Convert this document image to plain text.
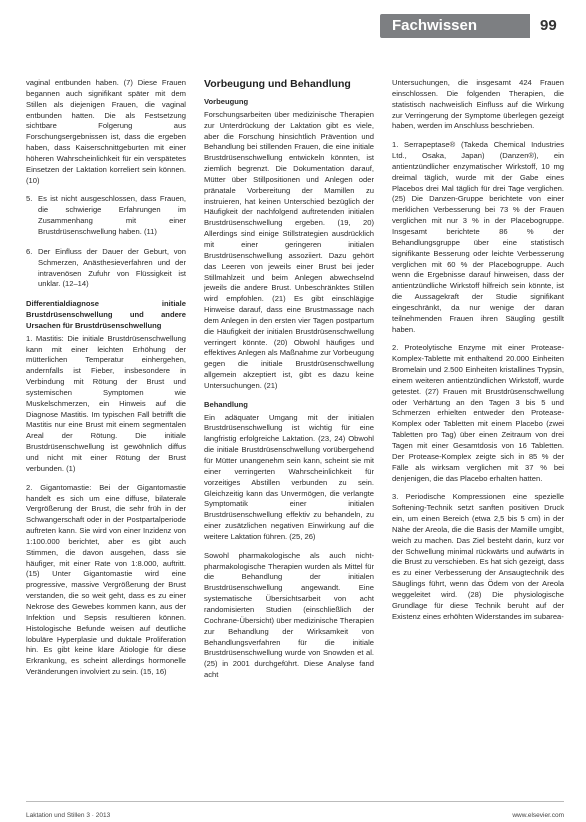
Fachwissen	99

vaginal entbunden haben. (7) Diese Frauen begannen auch signifikant später mit dem Stillen als diejenigen Frauen, die vaginal entbunden hatten. Die als Festsetzung sichtbare Folgerung aus Forschungsergebnissen ist, dass die ergeben haben, dass Kaiserschnittgeburten mit einer höheren Wahrscheinlichkeit für ein verspätetes Einsetzen der Laktation korreliert sein können. (10)

5. Es ist nicht ausgeschlossen, dass Frauen, die schwierige Erfahrungen im Zusammenhang mit einer Brustdrüsenschwellung haben. (11)
6. Der Einfluss der Dauer der Geburt, von Schmerzen, Anästhesieverfahren und der intravenösen Zufuhr von Flüssigkeit ist unklar. (12–14)
Differentialdiagnose initiale Brustdrüsenschwellung und andere Ursachen für Brustdrüsenschwellung

1. Mastitis: Die initiale Brustdrüsenschwellung kann mit einer leichten Erhöhung der mütterlichen Temperatur einhergehen, andernfalls ist Fieber, insbesondere in Verbindung mit Rötung der Brust und systemischen Symptomen wie Muskelschmerzen, ein Hinweis auf die Diagnose Mastitis. Im typischen Fall betrifft die Mastitis nur eine Brust mit einem segmentalen Areal der Rötung. Die initiale Brustdrüsenschwellung ist gewöhnlich diffus und nicht mit einer Rötung der Brust verbunden. (1)

2. Gigantomastie: Bei der Gigantomastie handelt es sich um eine diffuse, bilaterale Vergrößerung der Brust, die sehr früh in der Schwangerschaft oder in der Postpartalperiode auftreten kann. Sie wird von einer Inzidenz von 1:100.000 berichtet, aber es gibt auch Stimmen, die davon ausgehen, dass sie häufiger, mit einer Rate von 1:8.000, auftritt. (15) Unter Gigantomastie wird eine progressive, massive Vergrößerung der Brust verstanden, die so weit geht, dass es zu einer Nekrose des Gewebes kommen kann, aus der Infektion und Sepsis resultieren können. Histologische Befunde weisen auf deutliche lobuläre Hyperplasie und duktale Proliferation hin. Es gibt keine klare Ätiologie für diese Erkrankung, es scheint allerdings hormonelle Veränderungen involviert zu sein. (15, 16)

Vorbeugung und Behandlung
Vorbeugung

Forschungsarbeiten über medizinische Therapien zur Unterdrückung der Laktation gibt es viele, aber die Forschung hinsichtlich Prävention und Behandlung bei stillenden Frauen, die eine initiale Brustdrüsenschwellung entwickeln könnten, ist ziemlich begrenzt. Die Dokumentation darauf, Mütter über Stillpositionen und Anlegen oder pränatale Vorbereitung der Mamillen zu instruieren, hat keinen Unterschied bezüglich der Häufigkeit der nachfolgend auftretenden initialen Brustdrüsenschwellung ergeben. (19, 20) Allerdings sind einige Stillstrategien ausdrücklich mit einer geringeren initialen Brustdrüsenschwellung assoziiert. Dazu gehört das Leeren von jeweils einer Brust bei jeder Stillmahlzeit und beim Anlegen abwechselnd jeweils die andere Brust. Unbeschränktes Stillen wird empfohlen. (21) Es gibt einschlägige Hinweise darauf, dass eine Brustmassage nach dem Anlegen in den ersten vier Tagen postpartum die Häufigkeit der initialen Brustdrüsenschwellung verringert könnte. (20) Obwohl häufiges und effektives Anlegen als Maßnahme zur Vorbeugung gegen die initiale Brustdrüsenschwellung allgemein akzeptiert ist, gibt es dazu keine Untersuchungen. (21)

Behandlung

Ein adäquater Umgang mit der initialen Brustdrüsenschwellung ist wichtig für eine langfristig erfolgreiche Laktation. (23, 24) Obwohl die initiale Brustdrüsenschwellung vorübergehend für Mütter unangenehm sein kann, scheint sie mit einer verringerten Wahrscheinlichkeit für vorzeitiges Abstillen verbunden zu sein. Gleichzeitig kann das Unvermögen, die verlangte Symptomatik einer initialen Brustdrüsenschwellung effektiv zu behandeln, zu einer zusätzlichen negativen Einwirkung auf die weitere Laktation führen. (25, 26)

Sowohl pharmakologische als auch nicht-pharmakologische Therapien wurden als Mittel für die Behandlung der initialen Brustdrüsenschwellung angewandt. Eine systematische Übersichtsarbeit von acht randomisierten Studien (einschließlich der Cochrane-Übersicht) über medizinische Therapien zur Behandlung der Wirksamkeit von Behandlungsverfahren für die initiale Brustdrüsenschwellung wurde von Snowden et al. (25) in 2001 durchgeführt. Diese Analyse fand acht

Untersuchungen, die insgesamt 424 Frauen einschlossen. Die folgenden Therapien, die statistisch nachweislich Einfluss auf die Wirkung zur Verringerung der Symptome überlegen gezeigt haben, werden im Anschluss beschrieben.

1. Serrapeptase® (Takeda Chemical Industries Ltd., Osaka, Japan) (Danzen®), ein antientzündlicher enzymatischer Wirkstoff, 10 mg dreimal täglich, wurde mit der Gabe eines Placebos drei Mal täglich für drei Tage verglichen. (25) Die Danzen-Gruppe berichtete von einer merklichen Verbesserung bei 73 % der Frauen verglichen mit nur 3 % in der Placebogruppe. Insgesamt berichtete 86 % der Behandlungsgruppe über eine statistisch signifikante Besserung oder leichte Verbesserung verglichen mit 60 % der Placebogruppe. Auch wenn die Ergebnisse darauf hinweisen, dass der antientzündliche Wirkstoff hilfreich sein könnte, ist die Aussagekraft der Studie signifikant eingeschränkt, da nur wenige der daran teilnehmenden Frauen ihren Säugling gestillt haben.

2. Proteolytische Enzyme mit einer Protease-Komplex-Tablette mit enthaltend 20.000 Einheiten Bromelain und 2.500 Einheiten kristallines Trypsin, einem weiteren antientzündlichen Wirkstoff, wurde getestet. (27) Frauen mit Brustdrüsenschwellung oder Verhärtung an den Tagen 3 bis 5 und Schmerzen erhielten entweder den Protease-Komplex oder Tabletten mit einem Placebo (zwei Tabletten pro Tag) über einen Zeitraum von drei Tagen mit einer Gesamtdosis von 16 Tabletten. Der Protease-Komplex zeigte sich in 85 % der Fälle als wirksam verglichen mit 37 % bei denjenigen, die das Placebo erhalten hatten.

3. Periodische Kompressionen eine spezielle Softening-Technik setzt sanften positiven Druck ein, um einen Bereich (etwa 2,5 bis 5 cm) in der Nähe der Areola, die die Basis der Mamille umgibt, weich zu machen. Das Ziel besteht darin, kurz vor der Schwellung minimal rückwärts und aufwärts in die Brust zu verschieben. Es hat sich gezeigt, dass es zu einer Verbesserung der Ansaugtechnik des Säuglings führt, wenn das Ödem von der Areola weggeleitet wird. (28) Die physiologische Grundlage für diese Technik beruht auf der Existenz eines erhöhten Widerstandes im subarea-

Laktation und Stillen 3 · 2013	www.elsevier.com
